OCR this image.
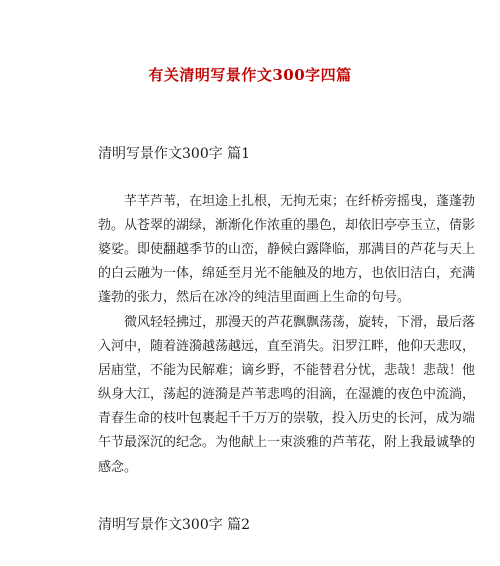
有关清明写景作文300字四篇
清明写景作文300字 篇1
芊芊芦苇，在坦途上扎根，无拘无束；在纤桥旁摇曳，蓬蓬勃
勃。从苍翠的湖绿，渐渐化作浓重的墨色，却依旧亭亭玉立，倩影
婆娑。即使翻越季节的山峦，静候白露降临，那满目的芦花与天上
的白云融为一体，绵延至月光不能触及的地方，也依旧洁白，充满
蓬勃的张力，然后在冰冷的纯洁里面画上生命的句号。
微风轻轻拂过，那漫天的芦花飘飘荡荡，旋转，下滑，最后落
入河中，随着涟漪越荡越远，直至消失。汨罗江畔，他仰天悲叹，
居庙堂，不能为民解难；谪乡野，不能替君分忧，悲哉！悲哉！他
纵身大江，荡起的涟漪是芦苇悲鸣的泪滴，在湿漉的夜色中流淌，
青春生命的枝叶包裹起千千万万的崇敬，投入历史的长河，成为端
午节最深沉的纪念。为他献上一束淡雅的芦苇花，附上我最诚挚的
感念。
清明写景作文300字 篇2
